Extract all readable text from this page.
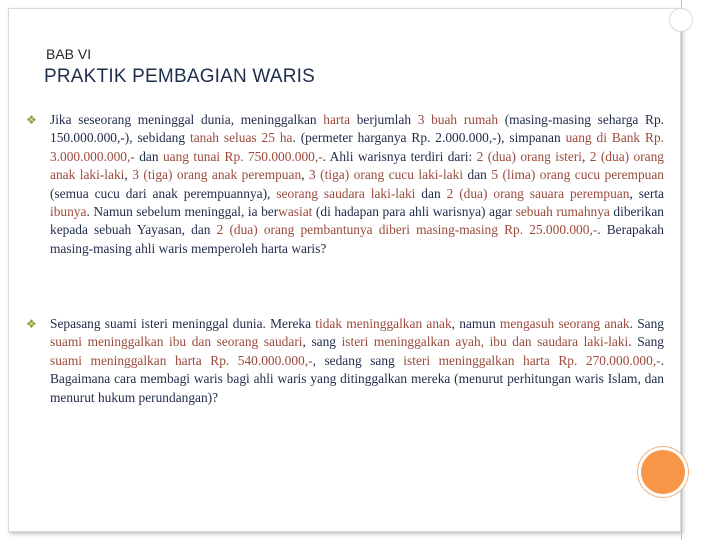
BAB VI
PRAKTIK PEMBAGIAN WARIS
❖ Jika seseorang meninggal dunia, meninggalkan harta berjumlah 3 buah rumah (masing-masing seharga Rp. 150.000.000,-), sebidang tanah seluas 25 ha. (permeter harganya Rp. 2.000.000,-), simpanan uang di Bank Rp. 3.000.000.000,- dan uang tunai Rp. 750.000.000,-. Ahli warisnya terdiri dari: 2 (dua) orang isteri, 2 (dua) orang anak laki-laki, 3 (tiga) orang anak perempuan, 3 (tiga) orang cucu laki-laki dan 5 (lima) orang cucu perempuan (semua cucu dari anak perempuannya), seorang saudara laki-laki dan 2 (dua) orang sauara perempuan, serta ibunya. Namun sebelum meninggal, ia berwasiat (di hadapan para ahli warisnya) agar sebuah rumahnya diberikan kepada sebuah Yayasan, dan 2 (dua) orang pembantunya diberi masing-masing Rp. 25.000.000,-. Berapakah masing-masing ahli waris memperoleh harta waris?
❖ Sepasang suami isteri meninggal dunia. Mereka tidak meninggalkan anak, namun mengasuh seorang anak. Sang suami meninggalkan ibu dan seorang saudari, sang isteri meninggalkan ayah, ibu dan saudara laki-laki. Sang suami meninggalkan harta Rp. 540.000.000,-, sedang sang isteri meninggalkan harta Rp. 270.000.000,-. Bagaimana cara membagi waris bagi ahli waris yang ditinggalkan mereka (menurut perhitungan waris Islam, dan menurut hukum perundangan)?
